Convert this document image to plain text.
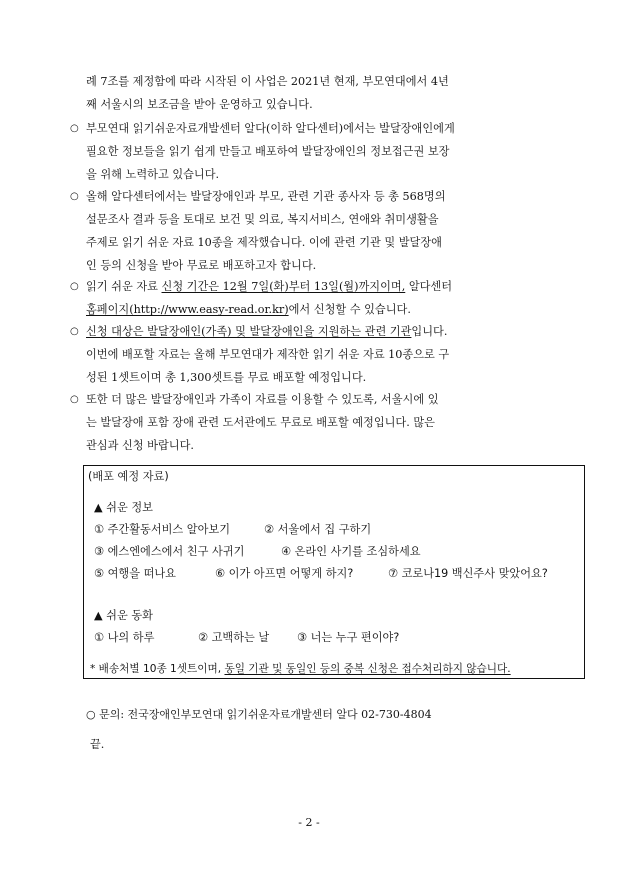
례 7조를 제정함에 따라 시작된 이 사업은 2021년 현재, 부모연대에서 4년
째 서울시의 보조금을 받아 운영하고 있습니다.
○ 부모연대 읽기쉬운자료개발센터 알다(이하 알다센터)에서는 발달장애인에게
필요한 정보들을 읽기 쉽게 만들고 배포하여 발달장애인의 정보접근권 보장
을 위해 노력하고 있습니다.
○ 올해 알다센터에서는 발달장애인과 부모, 관련 기관 종사자 등 총 568명의
설문조사 결과 등을 토대로 보건 및 의료, 복지서비스, 연애와 취미생활을
주제로 읽기 쉬운 자료 10종을 제작했습니다. 이에 관련 기관 및 발달장애
인 등의 신청을 받아 무료로 배포하고자 합니다.
○ 읽기 쉬운 자료 신청 기간은 12월 7일(화)부터 13일(월)까지이며, 알다센터
홈페이지(http://www.easy-read.or.kr)에서 신청할 수 있습니다.
○ 신청 대상은 발달장애인(가족) 및 발달장애인을 지원하는 관련 기관입니다.
이번에 배포할 자료는 올해 부모연대가 제작한 읽기 쉬운 자료 10종으로 구
성된 1셋트이며 총 1,300셋트를 무료 배포할 예정입니다.
○ 또한 더 많은 발달장애인과 가족이 자료를 이용할 수 있도록, 서울시에 있
는 발달장애 포함 장애 관련 도서관에도 무료로 배포할 예정입니다. 많은
관심과 신청 바랍니다.
(배포 예정 자료)
▲ 쉬운 정보
① 주간활동서비스 알아보기	② 서울에서 집 구하기
③ 에스엔에스에서 친구 사귀기	④ 온라인 사기를 조심하세요
⑤ 여행을 떠나요	⑥ 이가 아프면 어떻게 하지?	⑦ 코로나19 백신주사 맞았어요?
▲ 쉬운 동화
① 나의 하루	② 고백하는 날 ③ 너는 누구 편이야?
* 배송처별 10종 1셋트이며, 동일 기관 및 동일인 등의 중복 신청은 접수처리하지 않습니다.
○ 문의: 전국장애인부모연대 읽기쉬운자료개발센터 알다 02-730-4804
끝.
- 2 -
